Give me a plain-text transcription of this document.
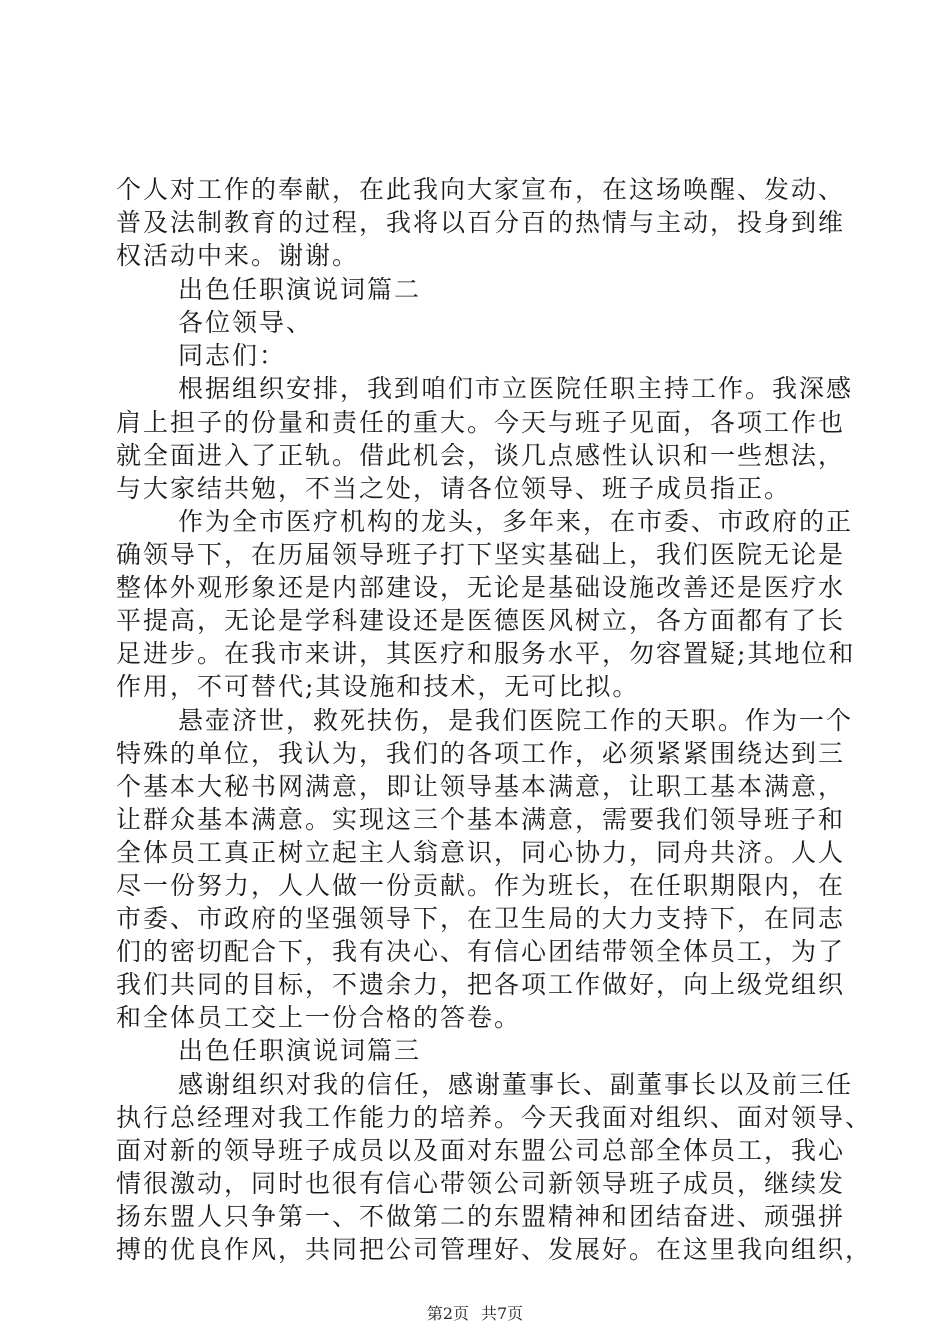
个人对工作的奉献，在此我向大家宣布，在这场唤醒、发动、
普及法制教育的过程，我将以百分百的热情与主动，投身到维
权活动中来。谢谢。
出色任职演说词篇二
各位领导、
同志们：
根据组织安排，我到咱们市立医院任职主持工作。我深感
肩上担子的份量和责任的重大。今天与班子见面，各项工作也
就全面进入了正轨。借此机会，谈几点感性认识和一些想法，
与大家结共勉，不当之处，请各位领导、班子成员指正。
作为全市医疗机构的龙头，多年来，在市委、市政府的正
确领导下，在历届领导班子打下坚实基础上，我们医院无论是
整体外观形象还是内部建设，无论是基础设施改善还是医疗水
平提高，无论是学科建设还是医德医风树立，各方面都有了长
足进步。在我市来讲，其医疗和服务水平，勿容置疑;其地位和
作用，不可替代;其设施和技术，无可比拟。
悬壶济世，救死扶伤，是我们医院工作的天职。作为一个
特殊的单位，我认为，我们的各项工作，必须紧紧围绕达到三
个基本大秘书网满意，即让领导基本满意，让职工基本满意，
让群众基本满意。实现这三个基本满意，需要我们领导班子和
全体员工真正树立起主人翁意识，同心协力，同舟共济。人人
尽一份努力，人人做一份贡献。作为班长，在任职期限内，在
市委、市政府的坚强领导下，在卫生局的大力支持下，在同志
们的密切配合下，我有决心、有信心团结带领全体员工，为了
我们共同的目标，不遗余力，把各项工作做好，向上级党组织
和全体员工交上一份合格的答卷。
出色任职演说词篇三
感谢组织对我的信任，感谢董事长、副董事长以及前三任
执行总经理对我工作能力的培养。今天我面对组织、面对领导、
面对新的领导班子成员以及面对东盟公司总部全体员工，我心
情很激动，同时也很有信心带领公司新领导班子成员，继续发
扬东盟人只争第一、不做第二的东盟精神和团结奋进、顽强拼
搏的优良作风，共同把公司管理好、发展好。在这里我向组织，
第2页 共7页
